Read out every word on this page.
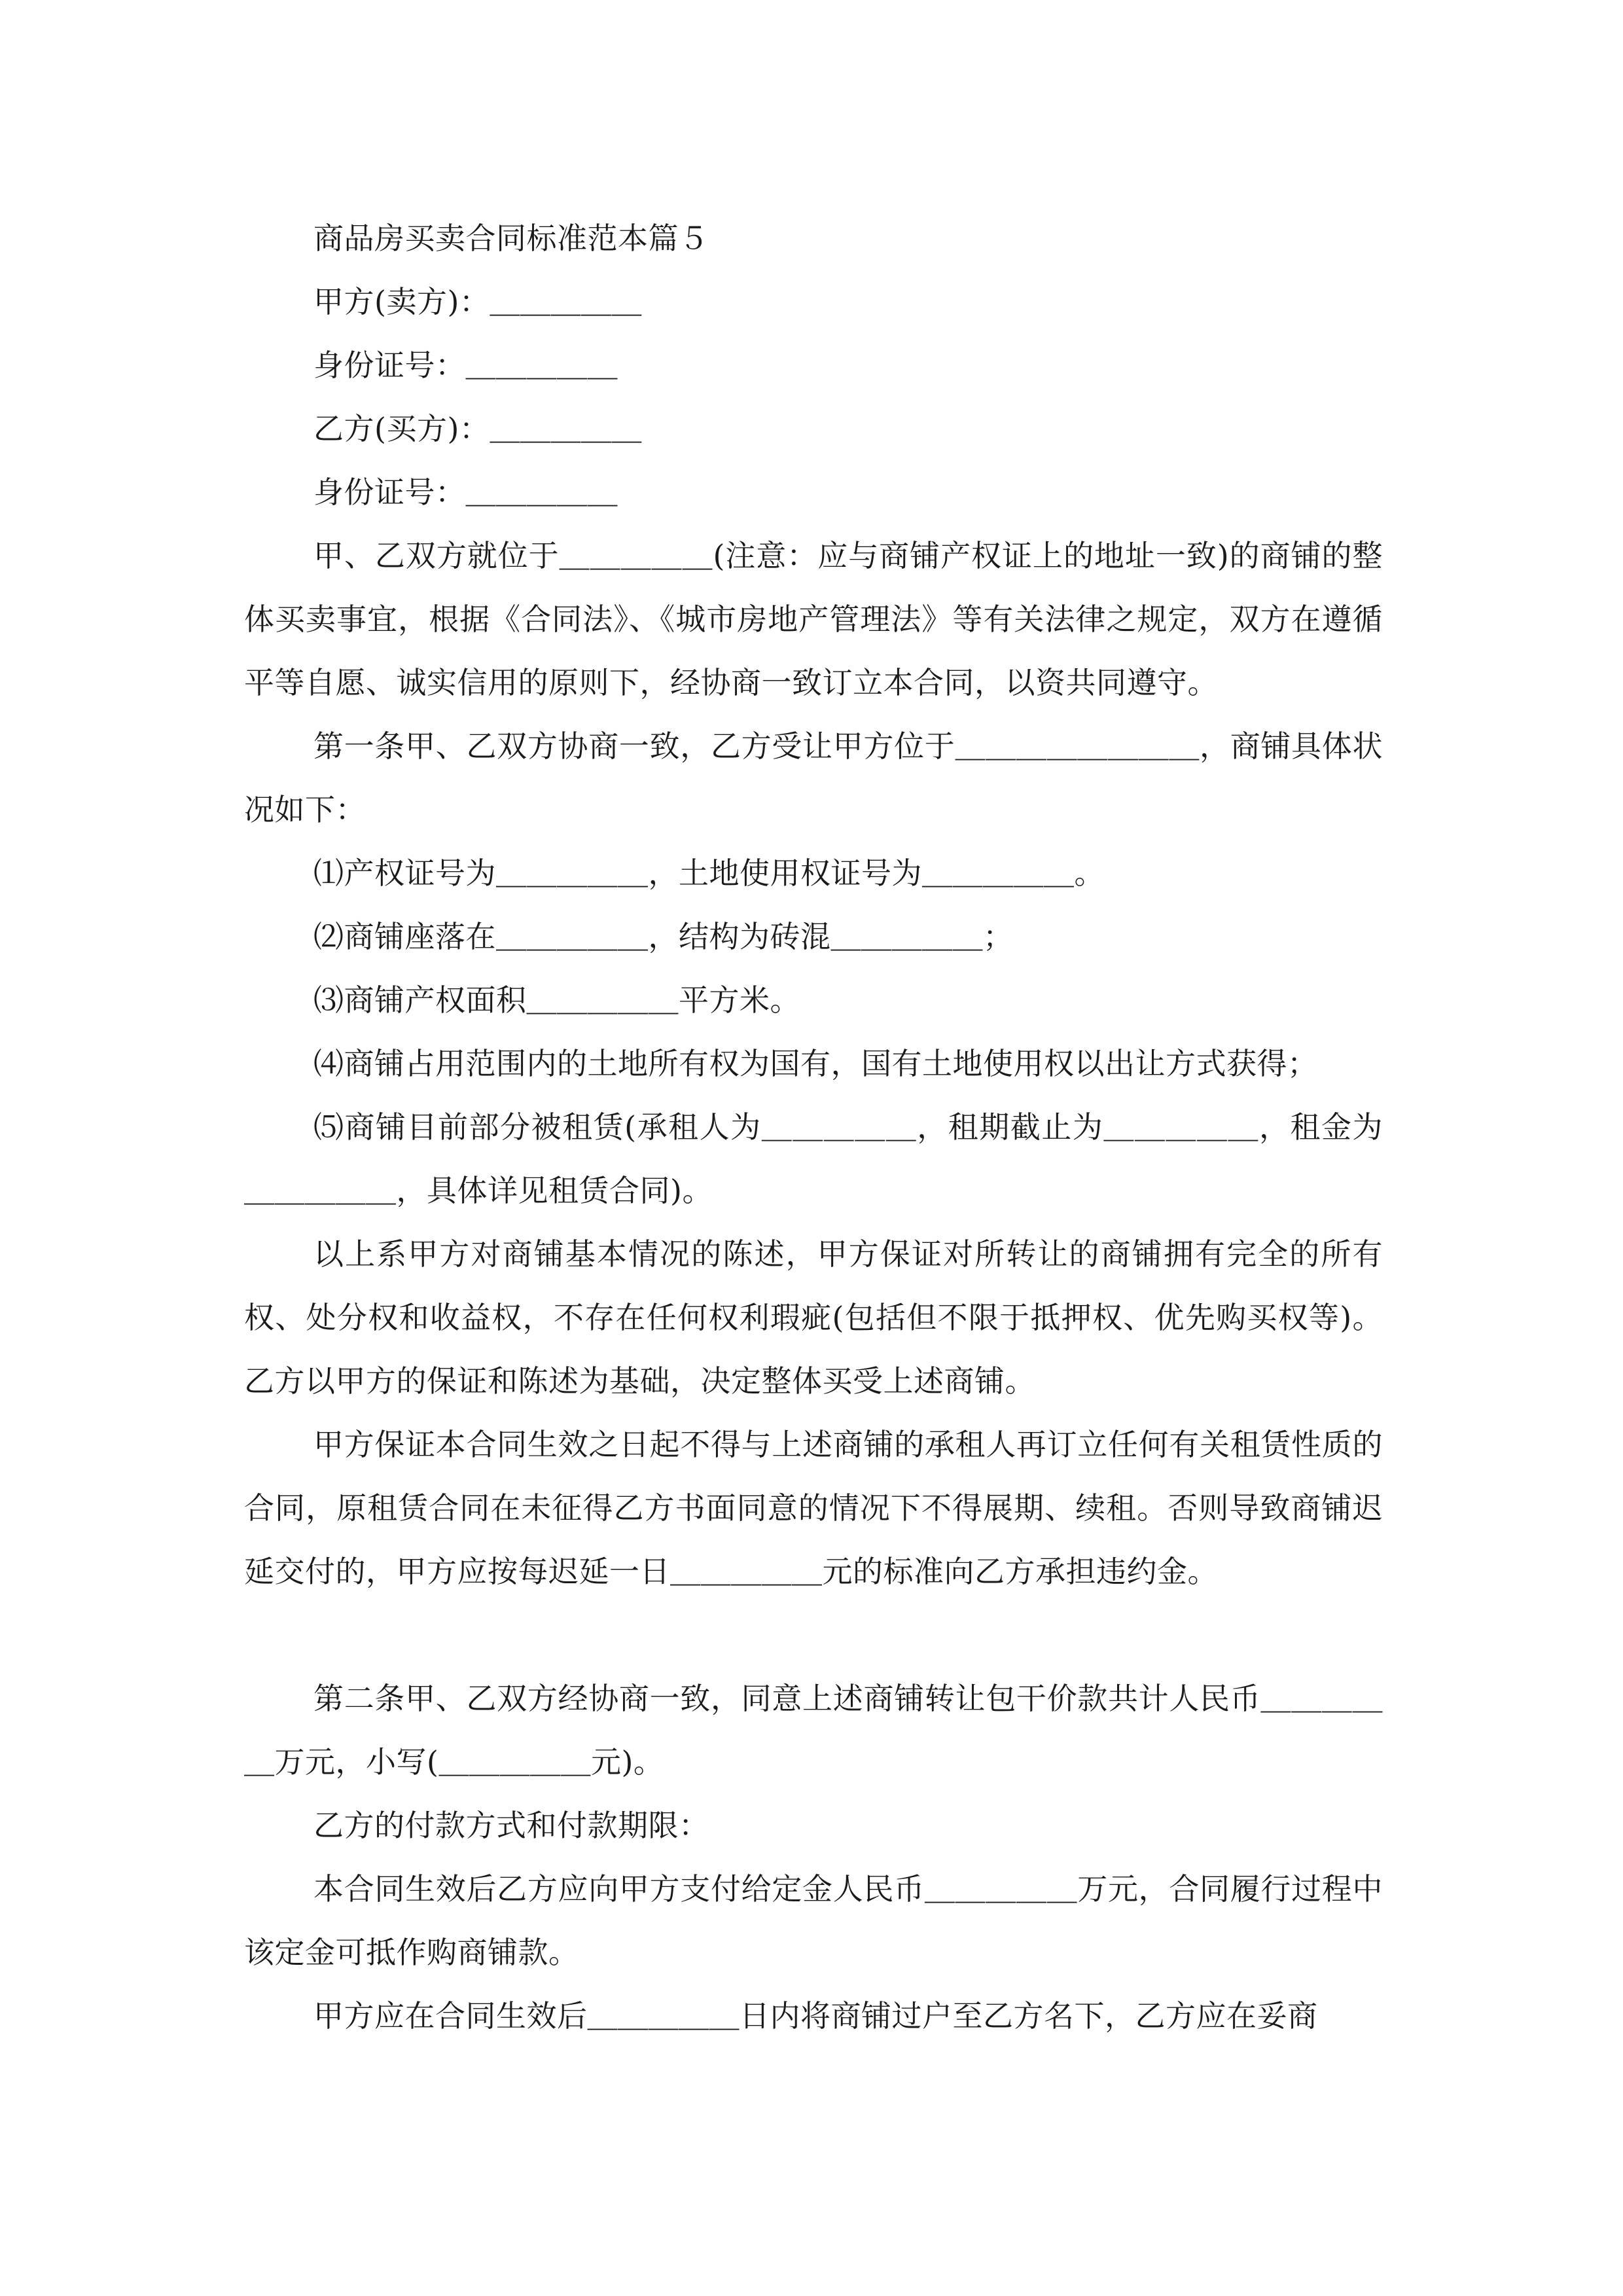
商品房买卖合同标准范本篇５

甲方(卖方)：＿＿＿＿＿

身份证号：＿＿＿＿＿

乙方(买方)：＿＿＿＿＿

身份证号：＿＿＿＿＿

甲、乙双方就位于＿＿＿＿＿(注意：应与商铺产权证上的地址一致)的商铺的整体买卖事宜，根据《合同法》、《城市房地产管理法》等有关法律之规定，双方在遵循平等自愿、诚实信用的原则下，经协商一致订立本合同，以资共同遵守。

第一条甲、乙双方协商一致，乙方受让甲方位于＿＿＿＿＿＿＿＿，商铺具体状况如下：

⑴产权证号为＿＿＿＿＿，土地使用权证号为＿＿＿＿＿。

⑵商铺座落在＿＿＿＿＿，结构为砖混＿＿＿＿＿；

⑶商铺产权面积＿＿＿＿＿平方米。

⑷商铺占用范围内的土地所有权为国有，国有土地使用权以出让方式获得；

⑸商铺目前部分被租赁(承租人为＿＿＿＿＿，租期截止为＿＿＿＿＿，租金为＿＿＿＿＿，具体详见租赁合同)。

以上系甲方对商铺基本情况的陈述，甲方保证对所转让的商铺拥有完全的所有权、处分权和收益权，不存在任何权利瑕疵(包括但不限于抵押权、优先购买权等)。乙方以甲方的保证和陈述为基础，决定整体买受上述商铺。

甲方保证本合同生效之日起不得与上述商铺的承租人再订立任何有关租赁性质的合同，原租赁合同在未征得乙方书面同意的情况下不得展期、续租。否则导致商铺迟延交付的，甲方应按每迟延一日＿＿＿＿＿元的标准向乙方承担违约金。

第二条甲、乙双方经协商一致，同意上述商铺转让包干价款共计人民币＿＿＿＿＿万元，小写(＿＿＿＿＿元)。

乙方的付款方式和付款期限：

本合同生效后乙方应向甲方支付给定金人民币＿＿＿＿＿万元，合同履行过程中该定金可抵作购商铺款。

甲方应在合同生效后＿＿＿＿＿日内将商铺过户至乙方名下，乙方应在妥商
